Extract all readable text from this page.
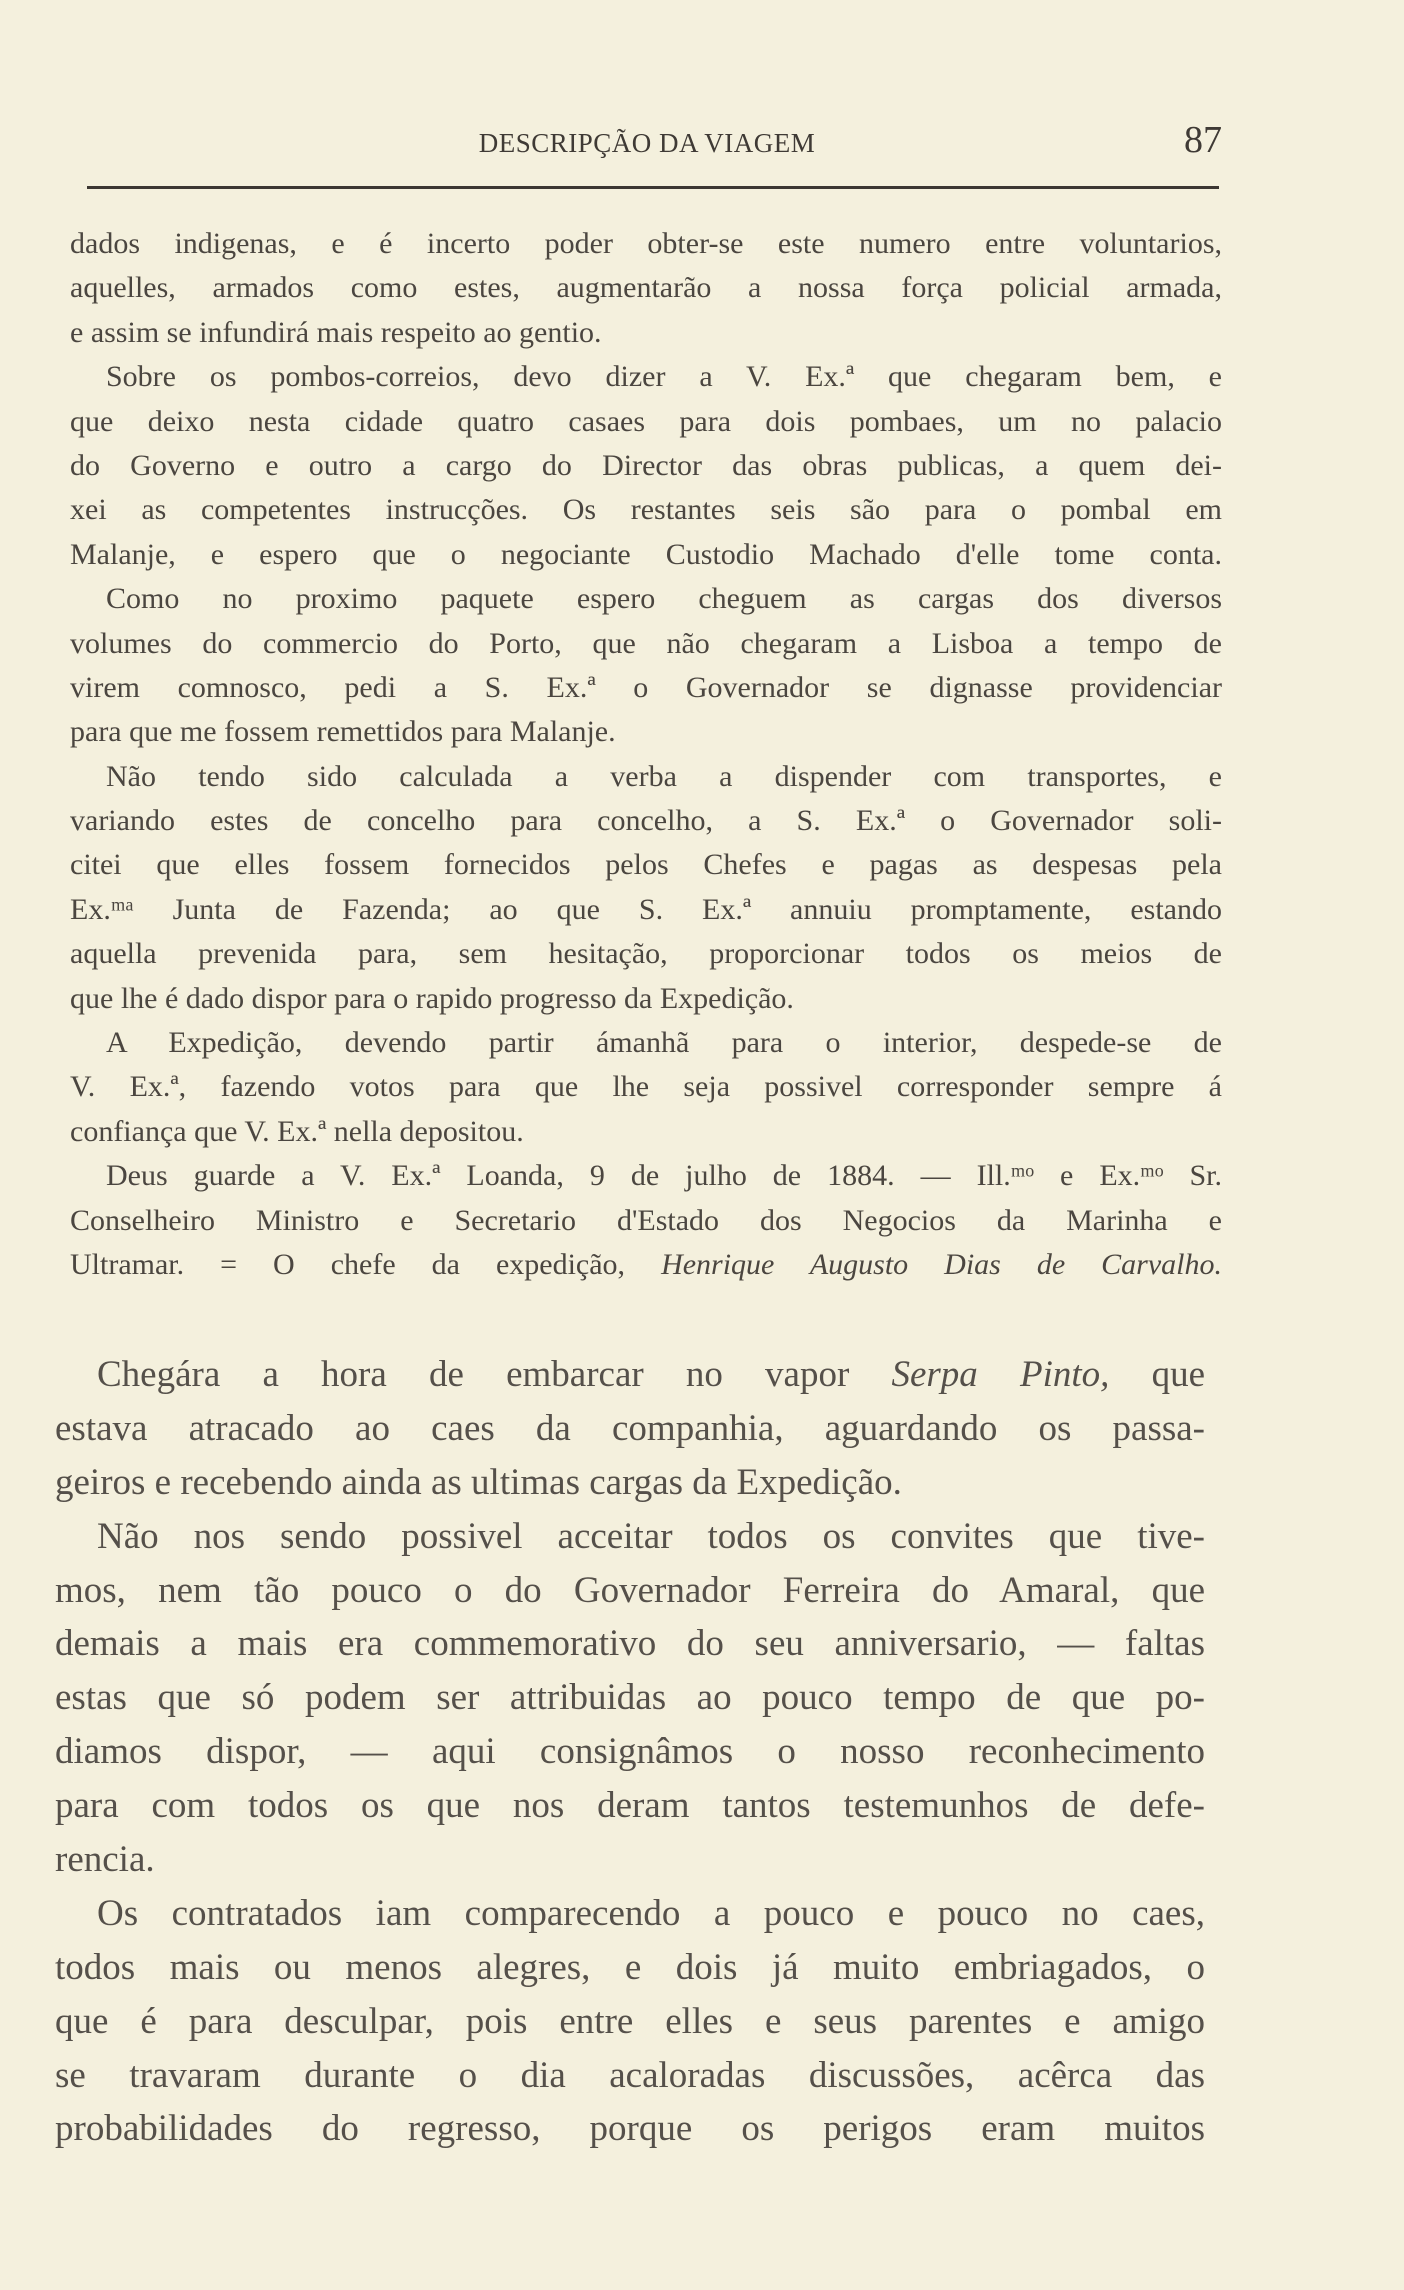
DESCRIPÇÃO DA VIAGEM	87
dados indigenas, e é incerto poder obter-se este numero entre voluntarios,
aquelles, armados como estes, augmentarão a nossa força policial armada,
e assim se infundirá mais respeito ao gentio.
Sobre os pombos-correios, devo dizer a V. Ex.ª que chegaram bem, e
que deixo nesta cidade quatro casaes para dois pombaes, um no palacio
do Governo e outro a cargo do Director das obras publicas, a quem dei-
xei as competentes instrucções. Os restantes seis são para o pombal em
Malanje, e espero que o negociante Custodio Machado d'elle tome conta.
Como no proximo paquete espero cheguem as cargas dos diversos
volumes do commercio do Porto, que não chegaram a Lisboa a tempo de
virem comnosco, pedi a S. Ex.ª o Governador se dignasse providenciar
para que me fossem remettidos para Malanje.
Não tendo sido calculada a verba a dispender com transportes, e
variando estes de concelho para concelho, a S. Ex.ª o Governador soli-
citei que elles fossem fornecidos pelos Chefes e pagas as despesas pela
Ex.ᵐᵃ Junta de Fazenda; ao que S. Ex.ª annuiu promptamente, estando
aquella prevenida para, sem hesitação, proporcionar todos os meios de
que lhe é dado dispor para o rapido progresso da Expedição.
A Expedição, devendo partir ámanhã para o interior, despede-se de
V. Ex.ª, fazendo votos para que lhe seja possivel corresponder sempre á
confiança que V. Ex.ª nella depositou.
Deus guarde a V. Ex.ª Loanda, 9 de julho de 1884. — Ill.ᵐᵒ e Ex.ᵐᵒ Sr.
Conselheiro Ministro e Secretario d'Estado dos Negocios da Marinha e
Ultramar. = O chefe da expedição, Henrique Augusto Dias de Carvalho.
Chegára a hora de embarcar no vapor Serpa Pinto, que
estava atracado ao caes da companhia, aguardando os passa-
geiros e recebendo ainda as ultimas cargas da Expedição.
Não nos sendo possivel acceitar todos os convites que tive-
mos, nem tão pouco o do Governador Ferreira do Amaral, que
demais a mais era commemorativo do seu anniversario, — faltas
estas que só podem ser attribuidas ao pouco tempo de que po-
diamos dispor, — aqui consignâmos o nosso reconhecimento
para com todos os que nos deram tantos testemunhos de defe-
rencia.
Os contratados iam comparecendo a pouco e pouco no caes,
todos mais ou menos alegres, e dois já muito embriagados, o
que é para desculpar, pois entre elles e seus parentes e amigo
se travaram durante o dia acaloradas discussões, acêrca das
probabilidades do regresso, porque os perigos eram muitos
